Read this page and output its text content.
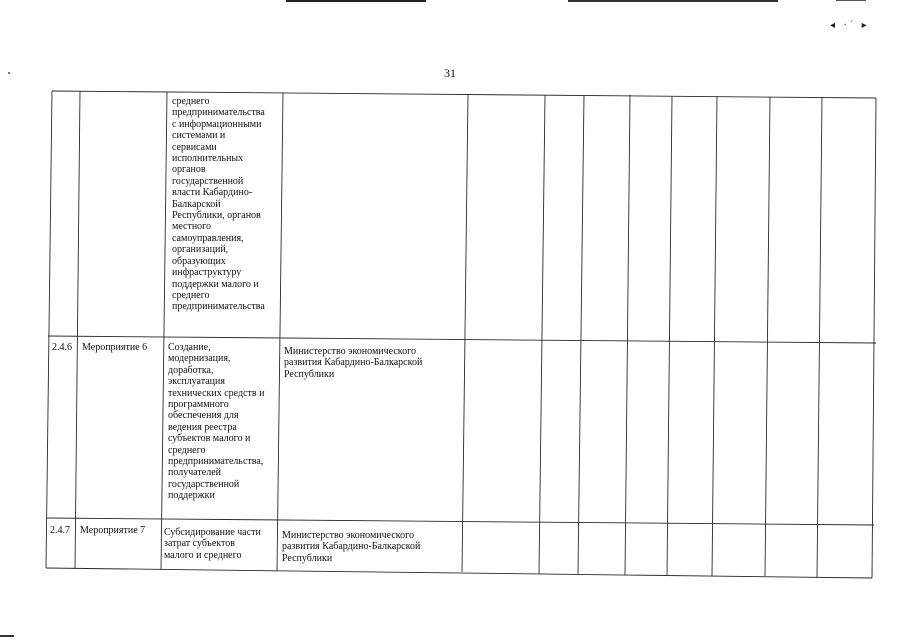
◂ ·ˊ ▸
31
среднего
предпринимательства
с информационными
системами и
сервисами
исполнительных
органов
государственной
власти Кабардино-
Балкарской
Республики, органов
местного
самоуправления,
организаций,
образующих
инфраструктуру
поддержки малого и
среднего
предпринимательства
2.4.6 Мероприятие 6 Создание,
модернизация,
доработка,
эксплуатация
технических средств и
программного
обеспечения для
ведения реестра
субъектов малого и
среднего
предпринимательства,
получателей
государственной
поддержки
Министерство экономического
развития Кабардино-Балкарской
Республики
2.4.7 Мероприятие 7 Субсидирование части
затрат субъектов
малого и среднего
Министерство экономического
развития Кабардино-Балкарской
Республики
